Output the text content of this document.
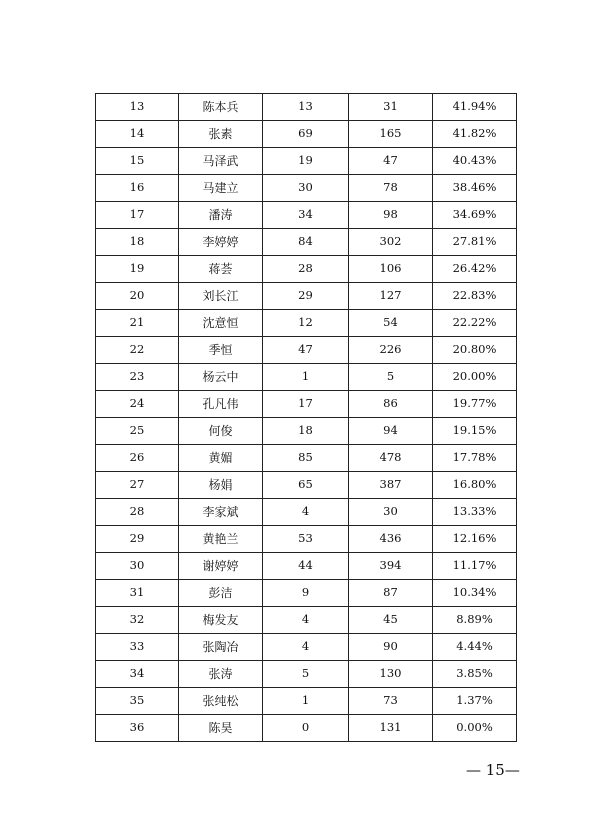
13	陈本兵	13	31	41.94%
14	张素	69	165	41.82%
15	马泽武	19	47	40.43%
16	马建立	30	78	38.46%
17	潘涛	34	98	34.69%
18	李婷婷	84	302	27.81%
19	蒋荟	28	106	26.42%
20	刘长江	29	127	22.83%
21	沈意恒	12	54	22.22%
22	季恒	47	226	20.80%
23	杨云中	1	5	20.00%
24	孔凡伟	17	86	19.77%
25	何俊	18	94	19.15%
26	黄媚	85	478	17.78%
27	杨娟	65	387	16.80%
28	李家斌	4	30	13.33%
29	黄艳兰	53	436	12.16%
30	谢婷婷	44	394	11.17%
31	彭洁	9	87	10.34%
32	梅发友	4	45	8.89%
33	张陶冶	4	90	4.44%
34	张涛	5	130	3.85%
35	张纯松	1	73	1.37%
36	陈昊	0	131	0.00%
— 15—
